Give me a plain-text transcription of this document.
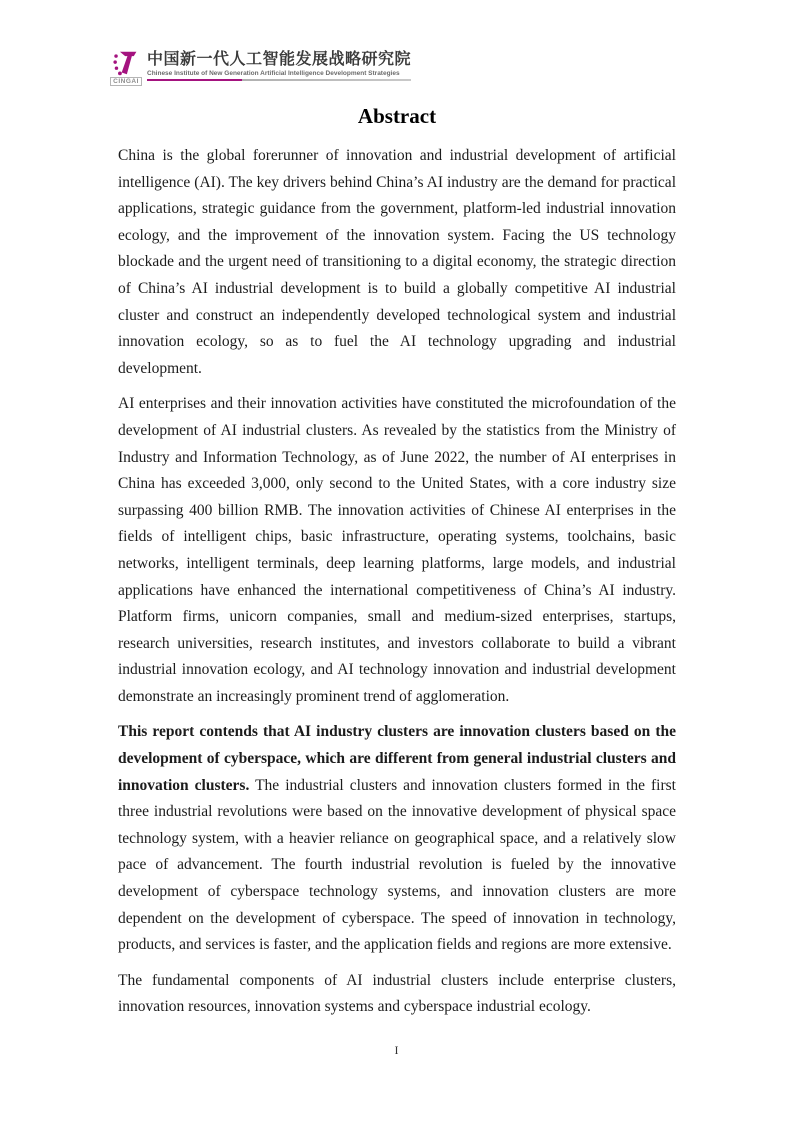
CINGAI
中国新一代人工智能发展战略研究院
Chinese Institute of New Generation Artificial Intelligence Development Strategies
Abstract

China is the global forerunner of innovation and industrial development of artificial intelligence (AI). The key drivers behind China’s AI industry are the demand for practical applications, strategic guidance from the government, platform-led industrial innovation ecology, and the improvement of the innovation system. Facing the US technology blockade and the urgent need of transitioning to a digital economy, the strategic direction of China’s AI industrial development is to build a globally competitive AI industrial cluster and construct an independently developed technological system and industrial innovation ecology, so as to fuel the AI technology upgrading and industrial development.

AI enterprises and their innovation activities have constituted the microfoundation of the development of AI industrial clusters. As revealed by the statistics from the Ministry of Industry and Information Technology, as of June 2022, the number of AI enterprises in China has exceeded 3,000, only second to the United States, with a core industry size surpassing 400 billion RMB. The innovation activities of Chinese AI enterprises in the fields of intelligent chips, basic infrastructure, operating systems, toolchains, basic networks, intelligent terminals, deep learning platforms, large models, and industrial applications have enhanced the international competitiveness of China’s AI industry. Platform firms, unicorn companies, small and medium-sized enterprises, startups, research universities, research institutes, and investors collaborate to build a vibrant industrial innovation ecology, and AI technology innovation and industrial development demonstrate an increasingly prominent trend of agglomeration.

This report contends that AI industry clusters are innovation clusters based on the development of cyberspace, which are different from general industrial clusters and innovation clusters. The industrial clusters and innovation clusters formed in the first three industrial revolutions were based on the innovative development of physical space technology system, with a heavier reliance on geographical space, and a relatively slow pace of advancement. The fourth industrial revolution is fueled by the innovative development of cyberspace technology systems, and innovation clusters are more dependent on the development of cyberspace. The speed of innovation in technology, products, and services is faster, and the application fields and regions are more extensive.

The fundamental components of AI industrial clusters include enterprise clusters, innovation resources, innovation systems and cyberspace industrial ecology.

I
